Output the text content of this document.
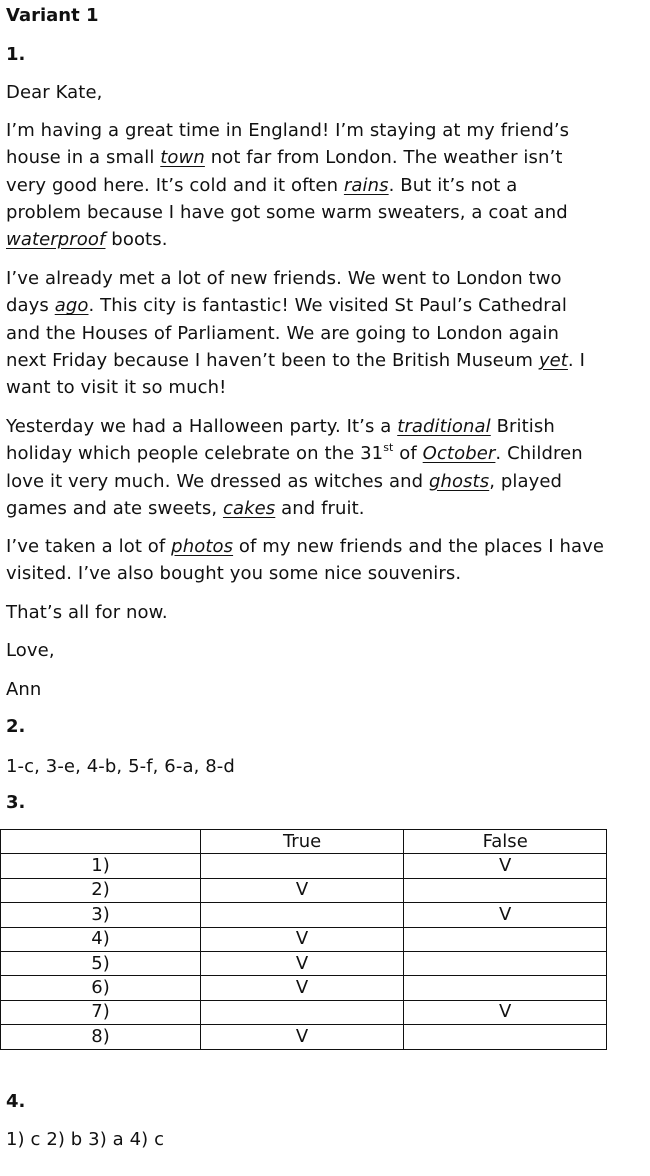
Variant 1
1.

Dear Kate,

I’m having a great time in England! I’m staying at my friend’s house in a small town not far from London. The weather isn’t very good here. It’s cold and it often rains. But it’s not a problem because I have got some warm sweaters, a coat and waterproof boots.

I’ve already met a lot of new friends. We went to London two days ago. This city is fantastic! We visited St Paul’s Cathedral and the Houses of Parliament. We are going to London again next Friday because I haven’t been to the British Museum yet. I want to visit it so much!

Yesterday we had a Halloween party. It’s a traditional British holiday which people celebrate on the 31st of October. Children love it very much. We dressed as witches and ghosts, played games and ate sweets, cakes and fruit.

I’ve taken a lot of photos of my new friends and the places I have visited. I’ve also bought you some nice souvenirs.

That’s all for now.

Love,

Ann

2.

1-c, 3-e, 4-b, 5-f, 6-a, 8-d

3.
	True	False
1)		V
2)	V	
3)		V
4)	V	
5)	V	
6)	V	
7)		V
8)	V	
4.

1) c 2) b 3) a 4) c
